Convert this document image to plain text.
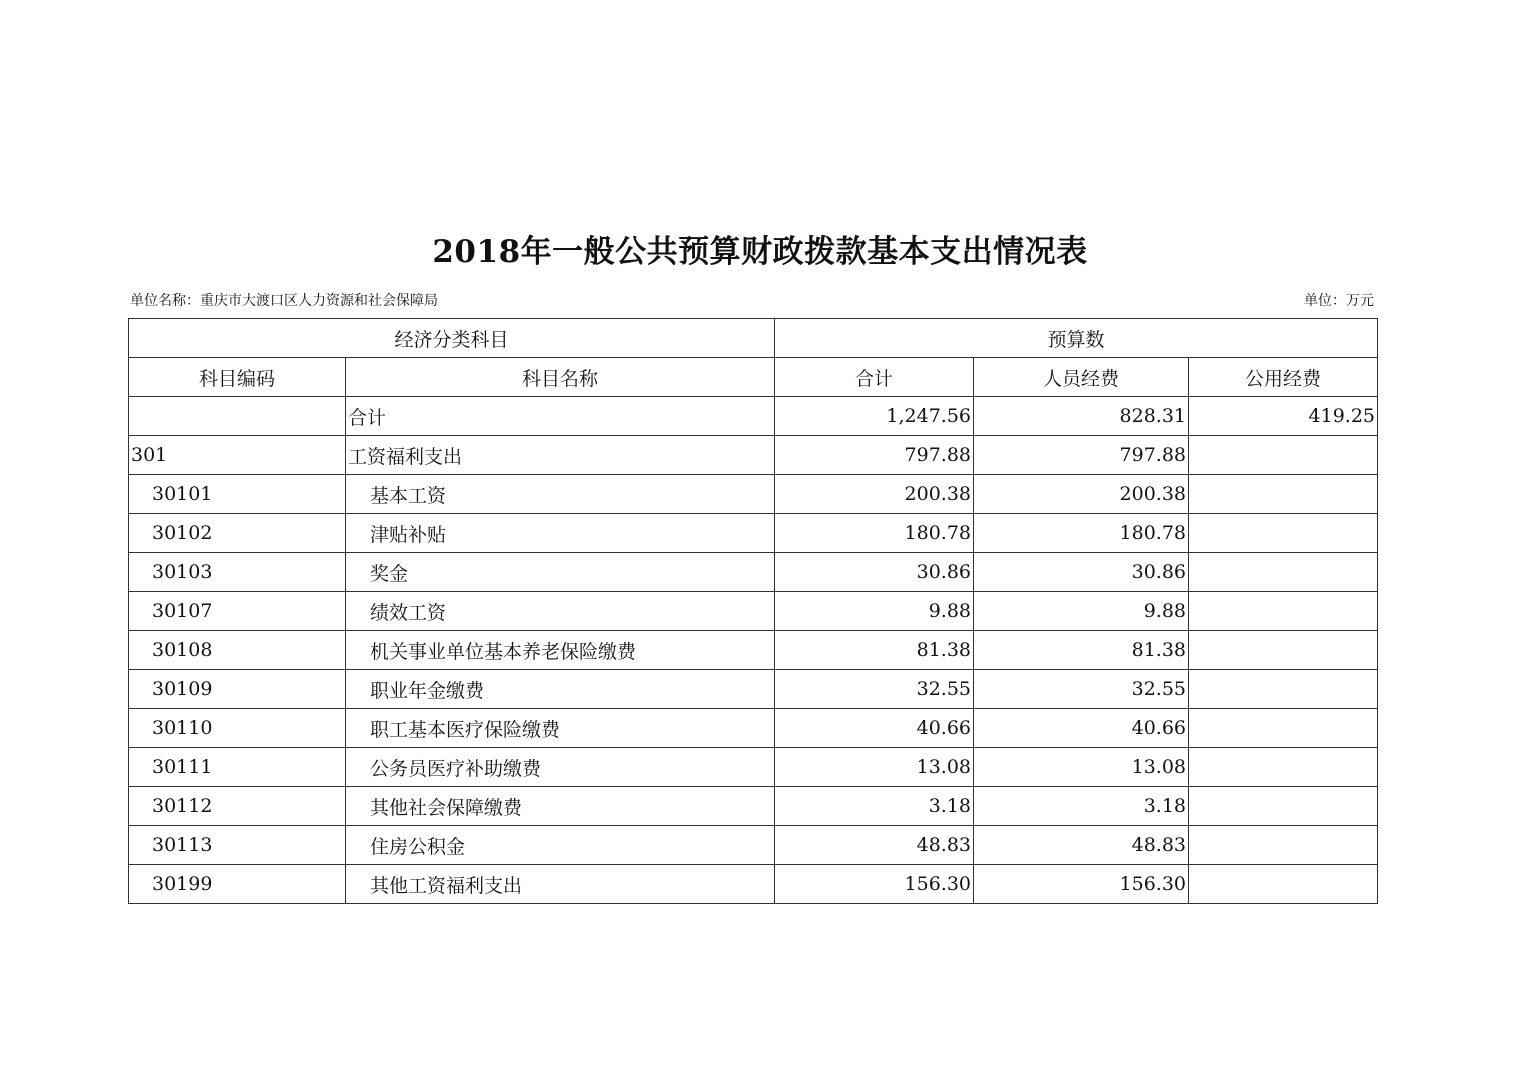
2018年一般公共预算财政拨款基本支出情况表
单位名称：重庆市大渡口区人力资源和社会保障局	单位：万元
经济分类科目		预算数		
科目编码	科目名称	合计	人员经费	公用经费
	合计	1,247.56	828.31	419.25
301	工资福利支出	797.88	797.88	
30101	基本工资	200.38	200.38	
30102	津贴补贴	180.78	180.78	
30103	奖金	30.86	30.86	
30107	绩效工资	9.88	9.88	
30108	机关事业单位基本养老保险缴费	81.38	81.38	
30109	职业年金缴费	32.55	32.55	
30110	职工基本医疗保险缴费	40.66	40.66	
30111	公务员医疗补助缴费	13.08	13.08	
30112	其他社会保障缴费	3.18	3.18	
30113	住房公积金	48.83	48.83	
30199	其他工资福利支出	156.30	156.30	
